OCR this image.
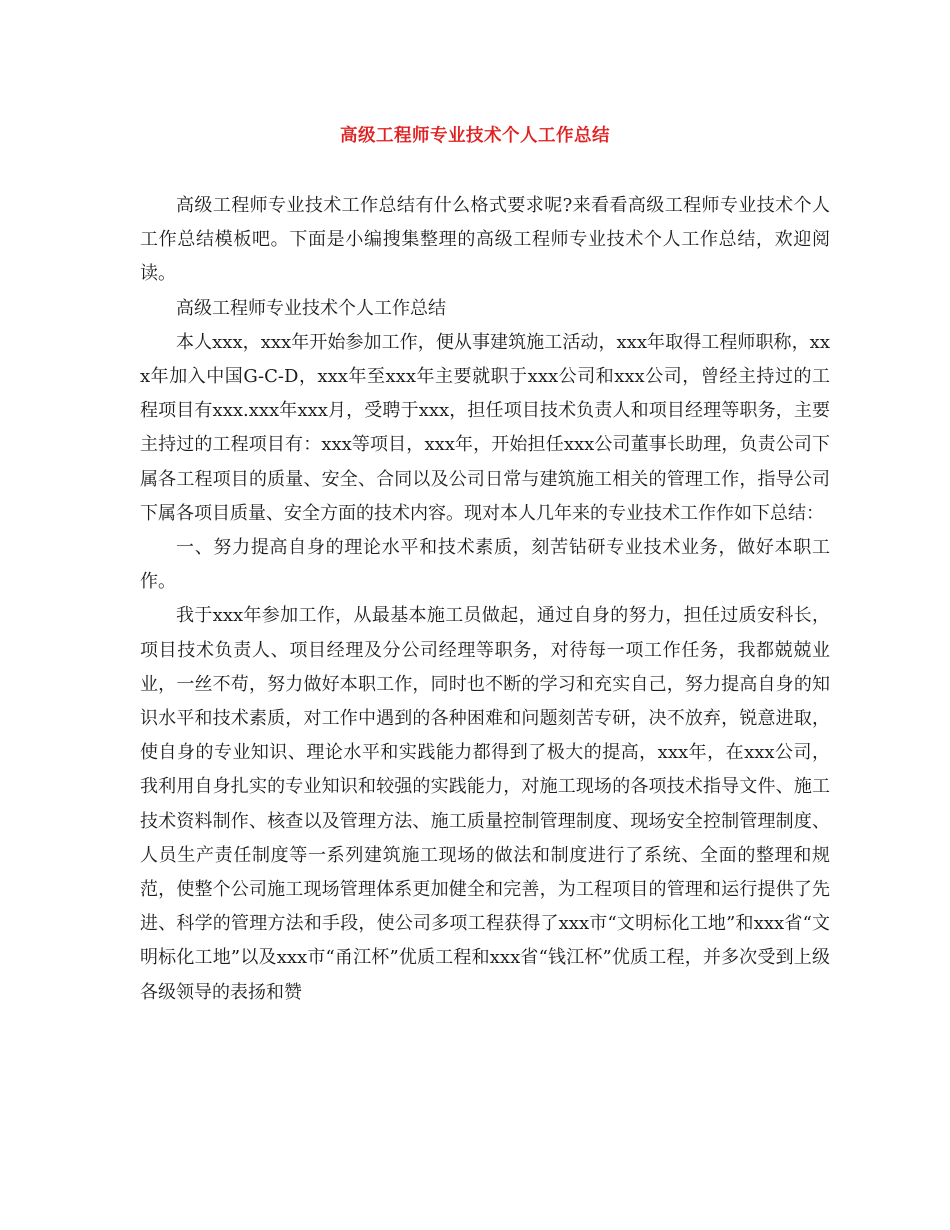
高级工程师专业技术个人工作总结

高级工程师专业技术工作总结有什么格式要求呢?来看看高级工程师专业技术个人工作总结模板吧。下面是小编搜集整理的高级工程师专业技术个人工作总结，欢迎阅读。

高级工程师专业技术个人工作总结

本人xxx，xxx年开始参加工作，便从事建筑施工活动，xxx年取得工程师职称，xxx年加入中国G-C-D，xxx年至xxx年主要就职于xxx公司和xxx公司，曾经主持过的工程项目有xxx.xxx年xxx月，受聘于xxx，担任项目技术负责人和项目经理等职务，主要主持过的工程项目有：xxx等项目，xxx年，开始担任xxx公司董事长助理，负责公司下属各工程项目的质量、安全、合同以及公司日常与建筑施工相关的管理工作，指导公司下属各项目质量、安全方面的技术内容。现对本人几年来的专业技术工作作如下总结：

一、努力提高自身的理论水平和技术素质，刻苦钻研专业技术业务，做好本职工作。

我于xxx年参加工作，从最基本施工员做起，通过自身的努力，担任过质安科长，项目技术负责人、项目经理及分公司经理等职务，对待每一项工作任务，我都兢兢业业，一丝不苟，努力做好本职工作，同时也不断的学习和充实自己，努力提高自身的知识水平和技术素质，对工作中遇到的各种困难和问题刻苦专研，决不放弃，锐意进取，使自身的专业知识、理论水平和实践能力都得到了极大的提高，xxx年，在xxx公司，我利用自身扎实的专业知识和较强的实践能力，对施工现场的各项技术指导文件、施工技术资料制作、核查以及管理方法、施工质量控制管理制度、现场安全控制管理制度、人员生产责任制度等一系列建筑施工现场的做法和制度进行了系统、全面的整理和规范，使整个公司施工现场管理体系更加健全和完善，为工程项目的管理和运行提供了先进、科学的管理方法和手段，使公司多项工程获得了xxx市“文明标化工地”和xxx省“文明标化工地”以及xxx市“甬江杯”优质工程和xxx省“钱江杯”优质工程，并多次受到上级各级领导的表扬和赞
